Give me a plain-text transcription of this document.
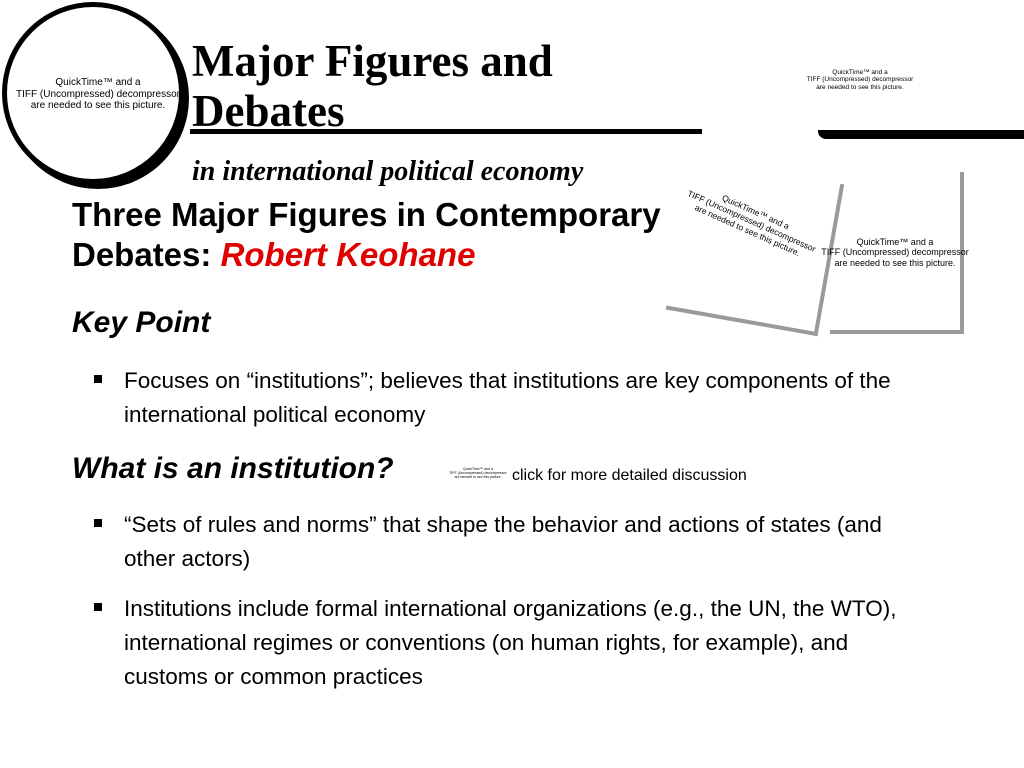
QuickTime™ and a
TIFF (Uncompressed) decompressor
are needed to see this picture.
Major Figures and Debates
in international political economy
QuickTime™ and a
TIFF (Uncompressed) decompressor
are needed to see this picture.
QuickTime™ and a
TIFF (Uncompressed) decompressor
are needed to see this picture.	QuickTime™ and a
TIFF (Uncompressed) decompressor
are needed to see this picture.
Three Major Figures in Contemporary Debates: Robert Keohane
Key Point
Focuses on “institutions”; believes that institutions are key components of the international political economy
What is an institution?	QuickTime™ and a
TIFF (Uncompressed) decompressor
are needed to see this picture. click for more detailed discussion
“Sets of rules and norms” that shape the behavior and actions of states (and other actors)
Institutions include formal international organizations (e.g., the UN, the WTO), international regimes or conventions (on human rights, for example), and customs or common practices
